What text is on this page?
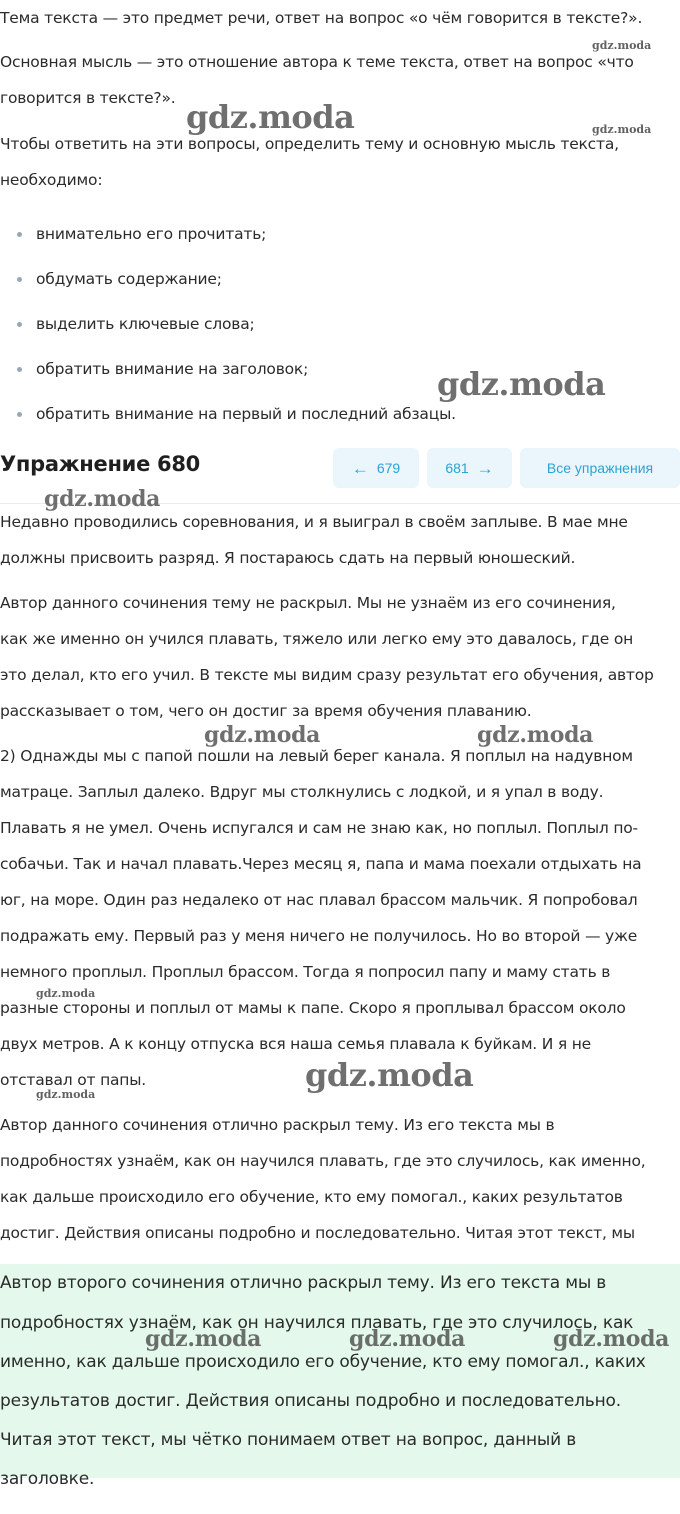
Тема текста — это предмет речи, ответ на вопрос «о чём говорится в тексте?».

Основная мысль — это отношение автора к теме текста, ответ на вопрос «что

говорится в тексте?».

Чтобы ответить на эти вопросы, определить тему и основную мысль текста,

необходимо:

внимательно его прочитать;
обдумать содержание;
выделить ключевые слова;
обратить внимание на заголовок;
обратить внимание на первый и последний абзацы.
Упражнение 680	← 679	681 →	Все упражнения

Недавно проводились соревнования, и я выиграл в своём заплыве. В мае мне

должны присвоить разряд. Я постараюсь сдать на первый юношеский.

Автор данного сочинения тему не раскрыл. Мы не узнаём из его сочинения,

как же именно он учился плавать, тяжело или легко ему это давалось, где он

это делал, кто его учил. В тексте мы видим сразу результат его обучения, автор

рассказывает о том, чего он достиг за время обучения плаванию.

2) Однажды мы с папой пошли на левый берег канала. Я поплыл на надувном

матраце. Заплыл далеко. Вдруг мы столкнулись с лодкой, и я упал в воду.

Плавать я не умел. Очень испугался и сам не знаю как, но поплыл. Поплыл по-

собачьи. Так и начал плавать.Через месяц я, папа и мама поехали отдыхать на

юг, на море. Один раз недалеко от нас плавал брассом мальчик. Я попробовал

подражать ему. Первый раз у меня ничего не получилось. Но во второй — уже

немного проплыл. Проплыл брассом. Тогда я попросил папу и маму стать в

разные стороны и поплыл от мамы к папе. Скоро я проплывал брассом около

двух метров. А к концу отпуска вся наша семья плавала к буйкам. И я не

отставал от папы.

Автор данного сочинения отлично раскрыл тему. Из его текста мы в

подробностях узнаём, как он научился плавать, где это случилось, как именно,

как дальше происходило его обучение, кто ему помогал., каких результатов

достиг. Действия описаны подробно и последовательно. Читая этот текст, мы

Автор второго сочинения отлично раскрыл тему. Из его текста мы в
подробностях узнаём, как он научился плавать, где это случилось, как
именно, как дальше происходило его обучение, кто ему помогал., каких
результатов достиг. Действия описаны подробно и последовательно.
Читая этот текст, мы чётко понимаем ответ на вопрос, данный в
заголовке.
gdz.moda
gdz.moda	gdz.moda
gdz.moda
gdz.moda
gdz.moda	gdz.moda
gdz.moda
gdz.moda
gdz.moda
gdz.moda	gdz.moda	gdz.moda
